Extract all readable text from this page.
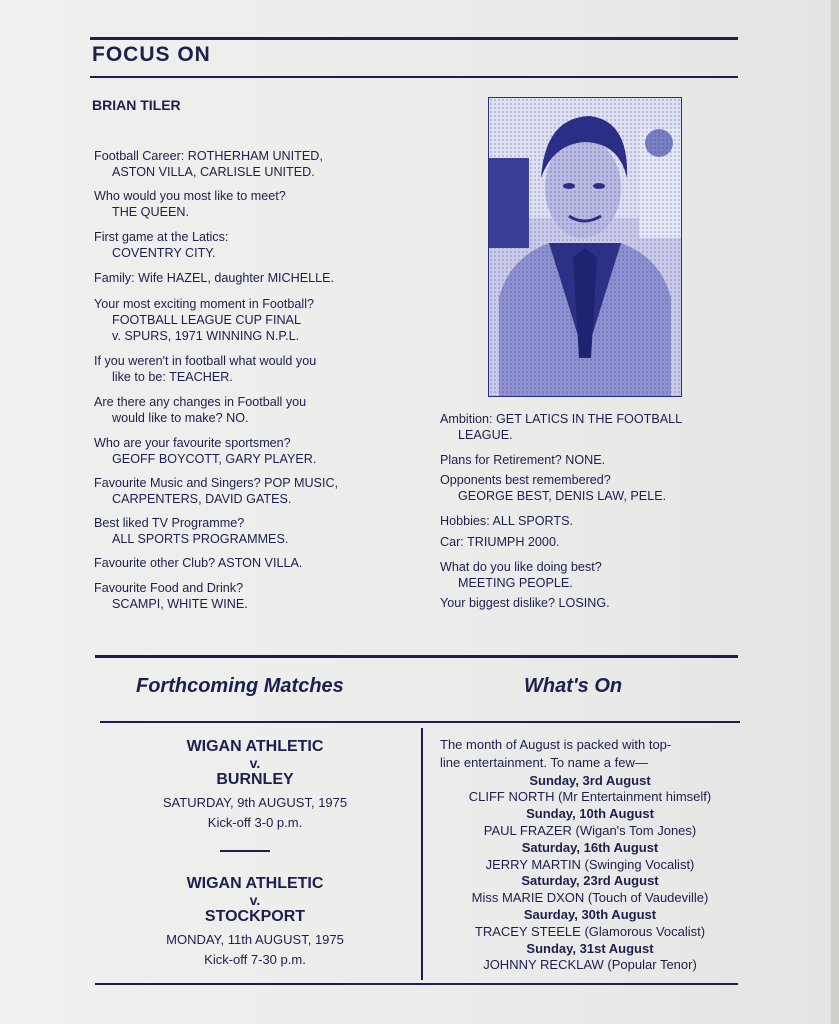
FOCUS ON
BRIAN TILER
Football Career: ROTHERHAM UNITED,
ASTON VILLA, CARLISLE UNITED.
Who would you most like to meet?
THE QUEEN.
First game at the Latics:
COVENTRY CITY.
Family: Wife HAZEL, daughter MICHELLE.
Your most exciting moment in Football?
FOOTBALL LEAGUE CUP FINAL
v. SPURS, 1971 WINNING N.P.L.
If you weren't in football what would you
like to be: TEACHER.
Are there any changes in Football you
would like to make? NO.
Who are your favourite sportsmen?
GEOFF BOYCOTT, GARY PLAYER.
Favourite Music and Singers? POP MUSIC,
CARPENTERS, DAVID GATES.
Best liked TV Programme?
ALL SPORTS PROGRAMMES.
Favourite other Club? ASTON VILLA.
Favourite Food and Drink?
SCAMPI, WHITE WINE.
Ambition: GET LATICS IN THE FOOTBALL
LEAGUE.
Plans for Retirement? NONE.
Opponents best remembered?
GEORGE BEST, DENIS LAW, PELE.
Hobbies: ALL SPORTS.
Car: TRIUMPH 2000.
What do you like doing best?
MEETING PEOPLE.
Your biggest dislike? LOSING.
Forthcoming Matches	What's On
WIGAN ATHLETIC
v.
BURNLEY
SATURDAY, 9th AUGUST, 1975
Kick-off 3-0 p.m.
WIGAN ATHLETIC
v.
STOCKPORT
MONDAY, 11th AUGUST, 1975
Kick-off 7-30 p.m.
The month of August is packed with top-
line entertainment. To name a few—
Sunday, 3rd August
CLIFF NORTH (Mr Entertainment himself)
Sunday, 10th August
PAUL FRAZER (Wigan's Tom Jones)
Saturday, 16th August
JERRY MARTIN (Swinging Vocalist)
Saturday, 23rd August
Miss MARIE DXON (Touch of Vaudeville)
Saurday, 30th August
TRACEY STEELE (Glamorous Vocalist)
Sunday, 31st August
JOHNNY RECKLAW (Popular Tenor)
